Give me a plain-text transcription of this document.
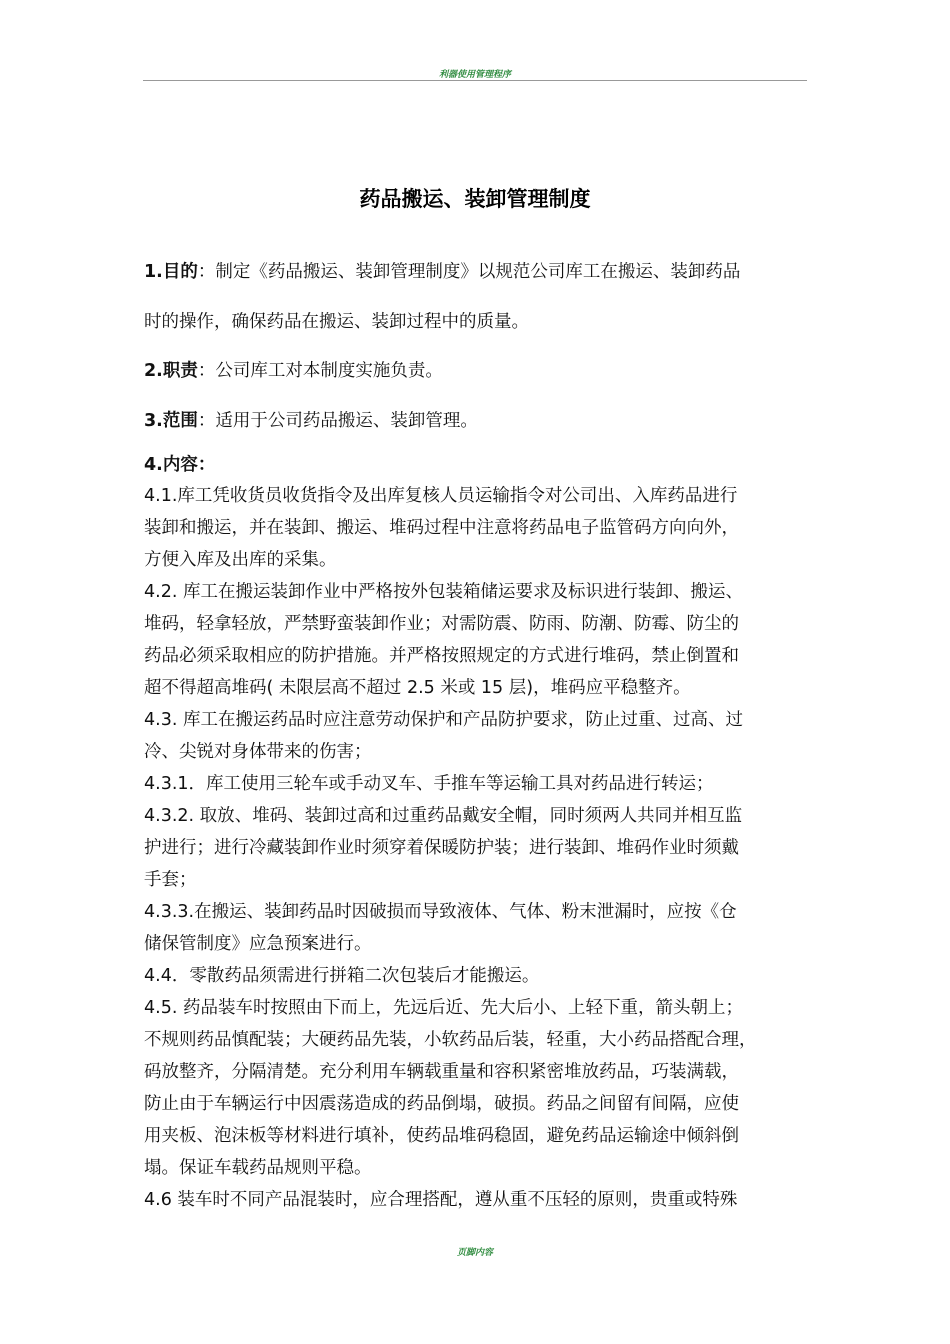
利器使用管理程序
药品搬运、装卸管理制度
1.目的：制定《药品搬运、装卸管理制度》以规范公司库工在搬运、装卸药品
时的操作，确保药品在搬运、装卸过程中的质量。
2.职责：公司库工对本制度实施负责。
3.范围：适用于公司药品搬运、装卸管理。
4.内容：
4.1.库工凭收货员收货指令及出库复核人员运输指令对公司出、入库药品进行
装卸和搬运，并在装卸、搬运、堆码过程中注意将药品电子监管码方向向外，
方便入库及出库的采集。
4.2. 库工在搬运装卸作业中严格按外包装箱储运要求及标识进行装卸、搬运、
堆码，轻拿轻放，严禁野蛮装卸作业；对需防震、防雨、防潮、防霉、防尘的
药品必须采取相应的防护措施。并严格按照规定的方式进行堆码，禁止倒置和
超不得超高堆码( 未限层高不超过 2.5 米或 15 层)，堆码应平稳整齐。
4.3. 库工在搬运药品时应注意劳动保护和产品防护要求，防止过重、过高、过
冷、尖锐对身体带来的伤害；
4.3.1．库工使用三轮车或手动叉车、手推车等运输工具对药品进行转运；
4.3.2. 取放、堆码、装卸过高和过重药品戴安全帽，同时须两人共同并相互监
护进行；进行冷藏装卸作业时须穿着保暖防护装；进行装卸、堆码作业时须戴
手套；
4.3.3.在搬运、装卸药品时因破损而导致液体、气体、粉末泄漏时，应按《仓
储保管制度》应急预案进行。
4.4．零散药品须需进行拼箱二次包装后才能搬运。
4.5. 药品装车时按照由下而上，先远后近、先大后小、上轻下重，箭头朝上；
不规则药品慎配装；大硬药品先装，小软药品后装，轻重，大小药品搭配合理，
码放整齐，分隔清楚。充分利用车辆载重量和容积紧密堆放药品，巧装满载，
防止由于车辆运行中因震荡造成的药品倒塌，破损。药品之间留有间隔，应使
用夹板、泡沫板等材料进行填补，使药品堆码稳固，避免药品运输途中倾斜倒
塌。保证车载药品规则平稳。
4.6 装车时不同产品混装时，应合理搭配，遵从重不压轻的原则，贵重或特殊
页脚内容
